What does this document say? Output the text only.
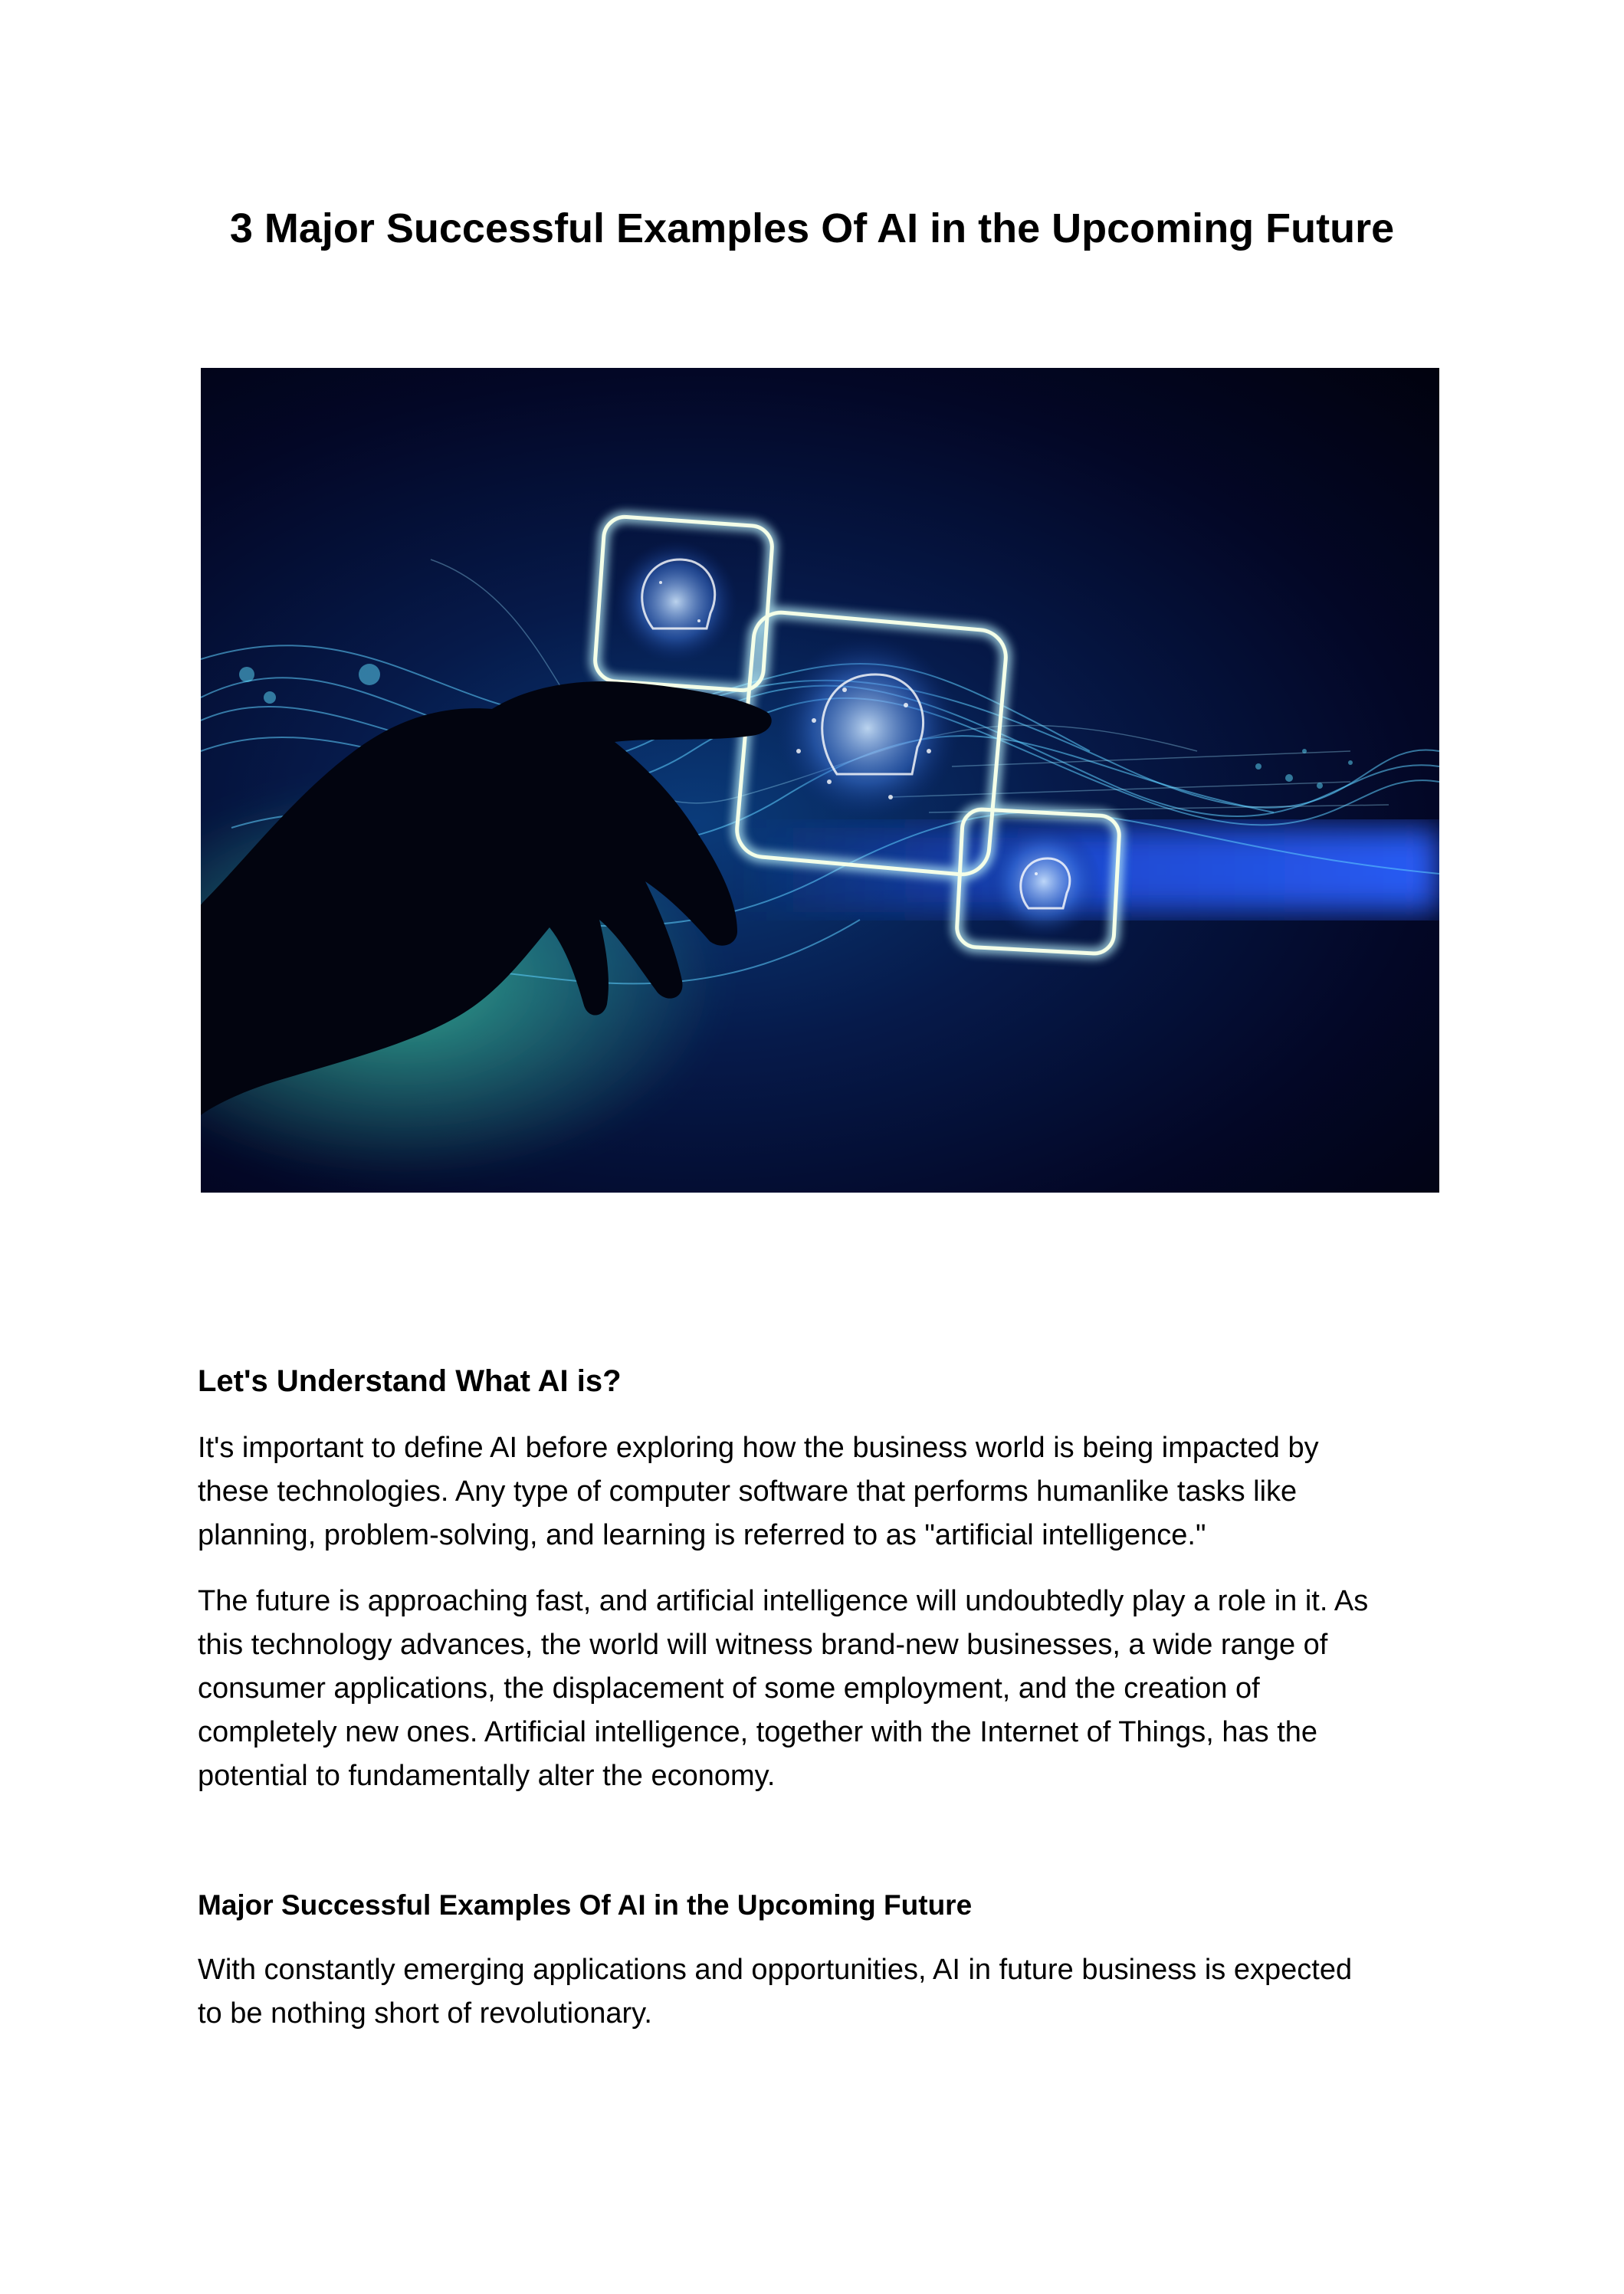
3 Major Successful Examples Of AI in the Upcoming Future
Let's Understand What AI is?

It's important to define AI before exploring how the business world is being impacted by
these technologies. Any type of computer software that performs humanlike tasks like
planning, problem-solving, and learning is referred to as "artificial intelligence."

The future is approaching fast, and artificial intelligence will undoubtedly play a role in it. As
this technology advances, the world will witness brand-new businesses, a wide range of
consumer applications, the displacement of some employment, and the creation of
completely new ones. Artificial intelligence, together with the Internet of Things, has the
potential to fundamentally alter the economy.

Major Successful Examples Of AI in the Upcoming Future

With constantly emerging applications and opportunities, AI in future business is expected
to be nothing short of revolutionary.
